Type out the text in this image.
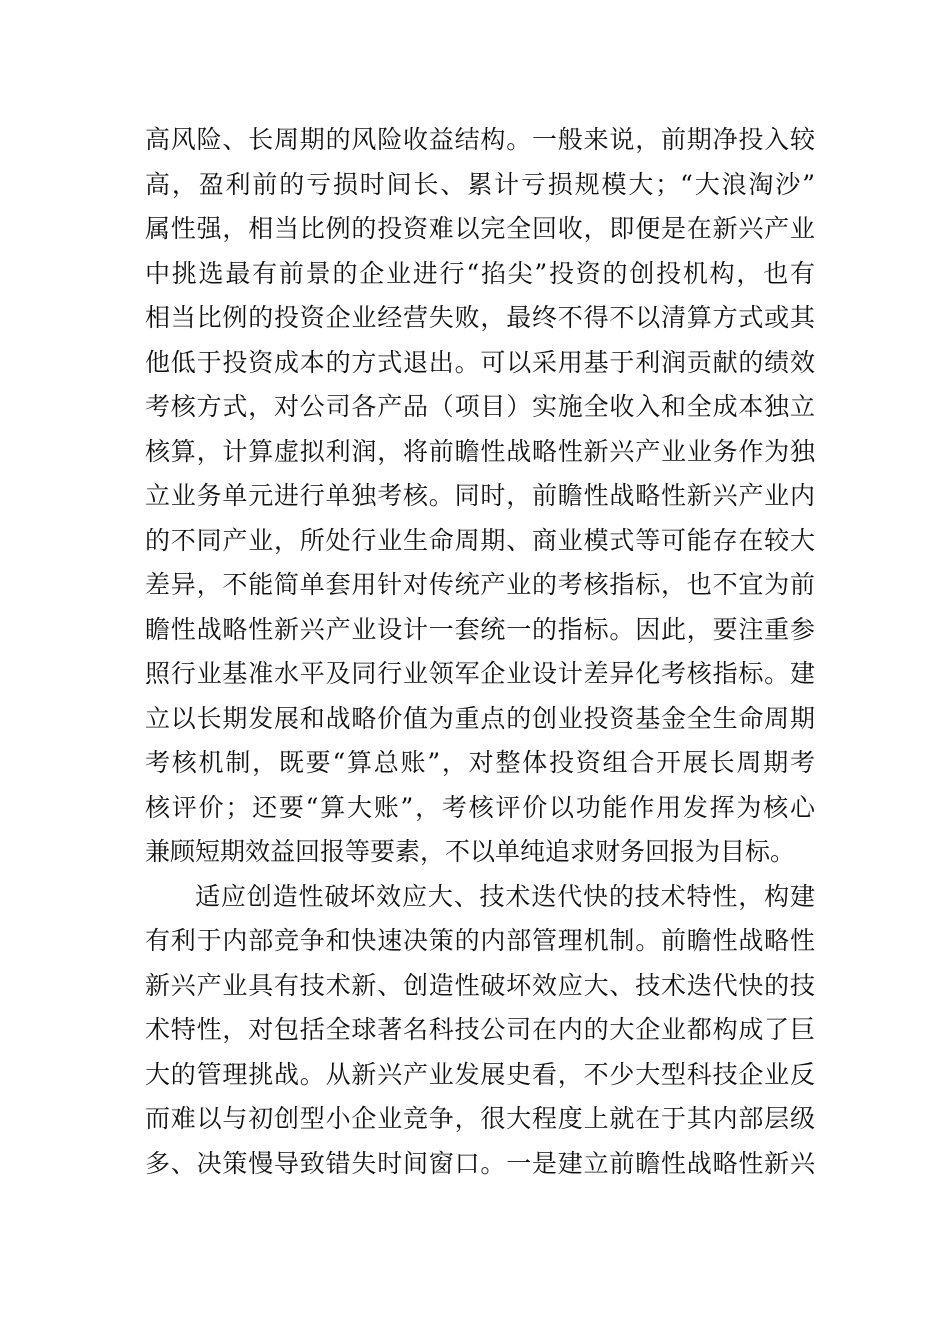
高风险、长周期的风险收益结构。一般来说，前期净投入较
高，盈利前的亏损时间长、累计亏损规模大；“大浪淘沙”
属性强，相当比例的投资难以完全回收，即便是在新兴产业
中挑选最有前景的企业进行“掐尖”投资的创投机构，也有
相当比例的投资企业经营失败，最终不得不以清算方式或其
他低于投资成本的方式退出。可以采用基于利润贡献的绩效
考核方式，对公司各产品（项目）实施全收入和全成本独立
核算，计算虚拟利润，将前瞻性战略性新兴产业业务作为独
立业务单元进行单独考核。同时，前瞻性战略性新兴产业内
的不同产业，所处行业生命周期、商业模式等可能存在较大
差异，不能简单套用针对传统产业的考核指标，也不宜为前
瞻性战略性新兴产业设计一套统一的指标。因此，要注重参
照行业基准水平及同行业领军企业设计差异化考核指标。建
立以长期发展和战略价值为重点的创业投资基金全生命周期
考核机制，既要“算总账”，对整体投资组合开展长周期考
核评价；还要“算大账”，考核评价以功能作用发挥为核心
兼顾短期效益回报等要素，不以单纯追求财务回报为目标。
适应创造性破坏效应大、技术迭代快的技术特性，构建
有利于内部竞争和快速决策的内部管理机制。前瞻性战略性
新兴产业具有技术新、创造性破坏效应大、技术迭代快的技
术特性，对包括全球著名科技公司在内的大企业都构成了巨
大的管理挑战。从新兴产业发展史看，不少大型科技企业反
而难以与初创型小企业竞争，很大程度上就在于其内部层级
多、决策慢导致错失时间窗口。一是建立前瞻性战略性新兴
